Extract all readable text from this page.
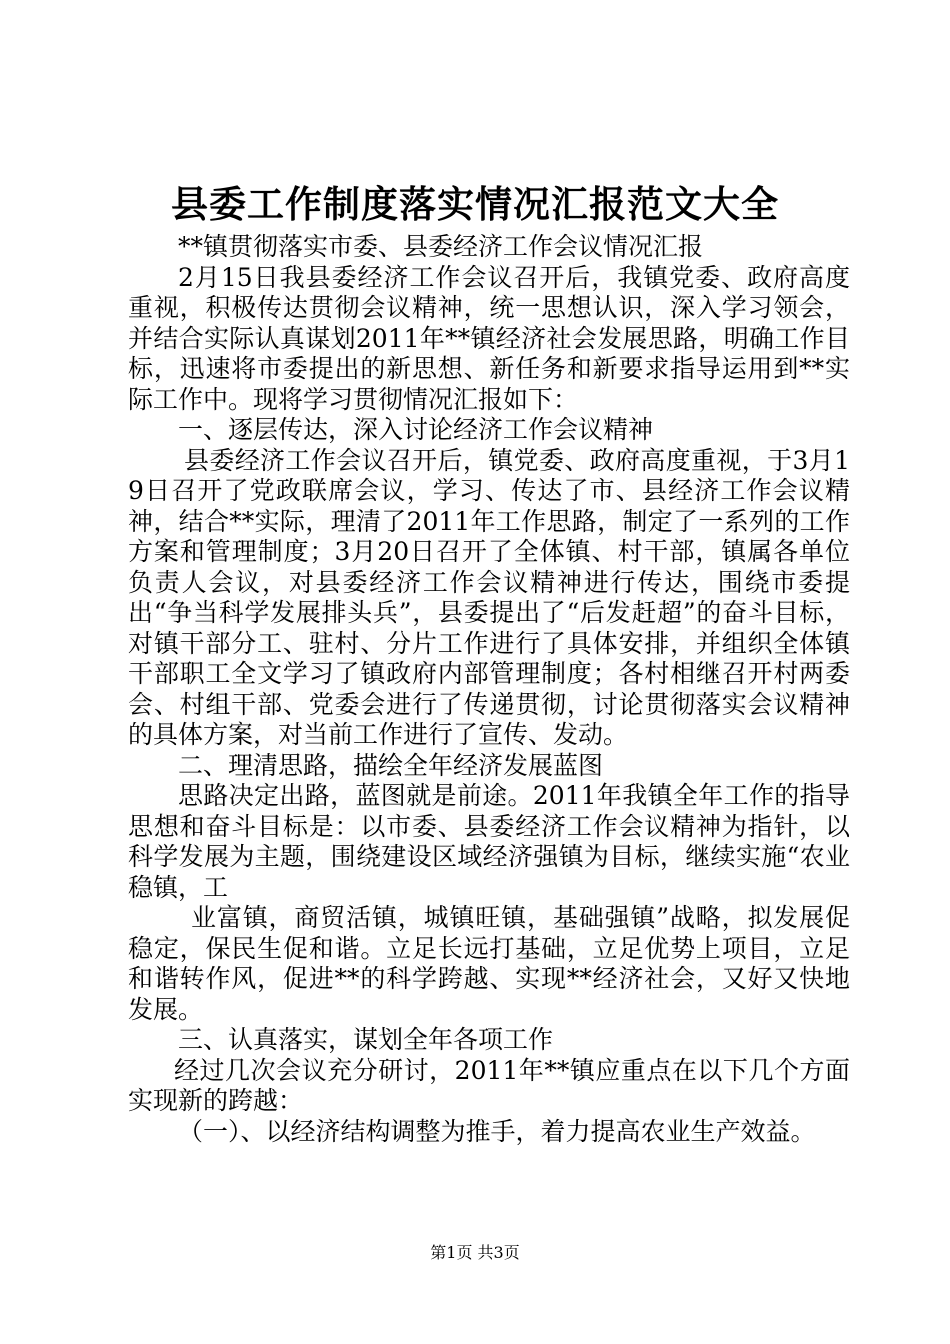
县委工作制度落实情况汇报范文大全

**镇贯彻落实市委、县委经济工作会议情况汇报

2月15日我县委经济工作会议召开后，我镇党委、政府高度重视，积极传达贯彻会议精神，统一思想认识，深入学习领会，并结合实际认真谋划2011年**镇经济社会发展思路，明确工作目标，迅速将市委提出的新思想、新任务和新要求指导运用到**实际工作中。现将学习贯彻情况汇报如下：

一、逐层传达，深入讨论经济工作会议精神

县委经济工作会议召开后，镇党委、政府高度重视，于3月19日召开了党政联席会议，学习、传达了市、县经济工作会议精神，结合**实际，理清了2011年工作思路，制定了一系列的工作方案和管理制度；3月20日召开了全体镇、村干部，镇属各单位负责人会议，对县委经济工作会议精神进行传达，围绕市委提出“争当科学发展排头兵”，县委提出了“后发赶超”的奋斗目标，对镇干部分工、驻村、分片工作进行了具体安排，并组织全体镇干部职工全文学习了镇政府内部管理制度；各村相继召开村两委会、村组干部、党委会进行了传递贯彻，讨论贯彻落实会议精神的具体方案，对当前工作进行了宣传、发动。

二、理清思路，描绘全年经济发展蓝图

思路决定出路，蓝图就是前途。2011年我镇全年工作的指导思想和奋斗目标是：以市委、县委经济工作会议精神为指针，以科学发展为主题，围绕建设区域经济强镇为目标，继续实施“农业稳镇，工

业富镇，商贸活镇，城镇旺镇，基础强镇”战略，拟发展促稳定，保民生促和谐。立足长远打基础，立足优势上项目，立足和谐转作风，促进**的科学跨越、实现**经济社会，又好又快地发展。

三、认真落实，谋划全年各项工作

经过几次会议充分研讨，2011年**镇应重点在以下几个方面实现新的跨越：

（一）、以经济结构调整为推手，着力提高农业生产效益。

第1页 共3页
